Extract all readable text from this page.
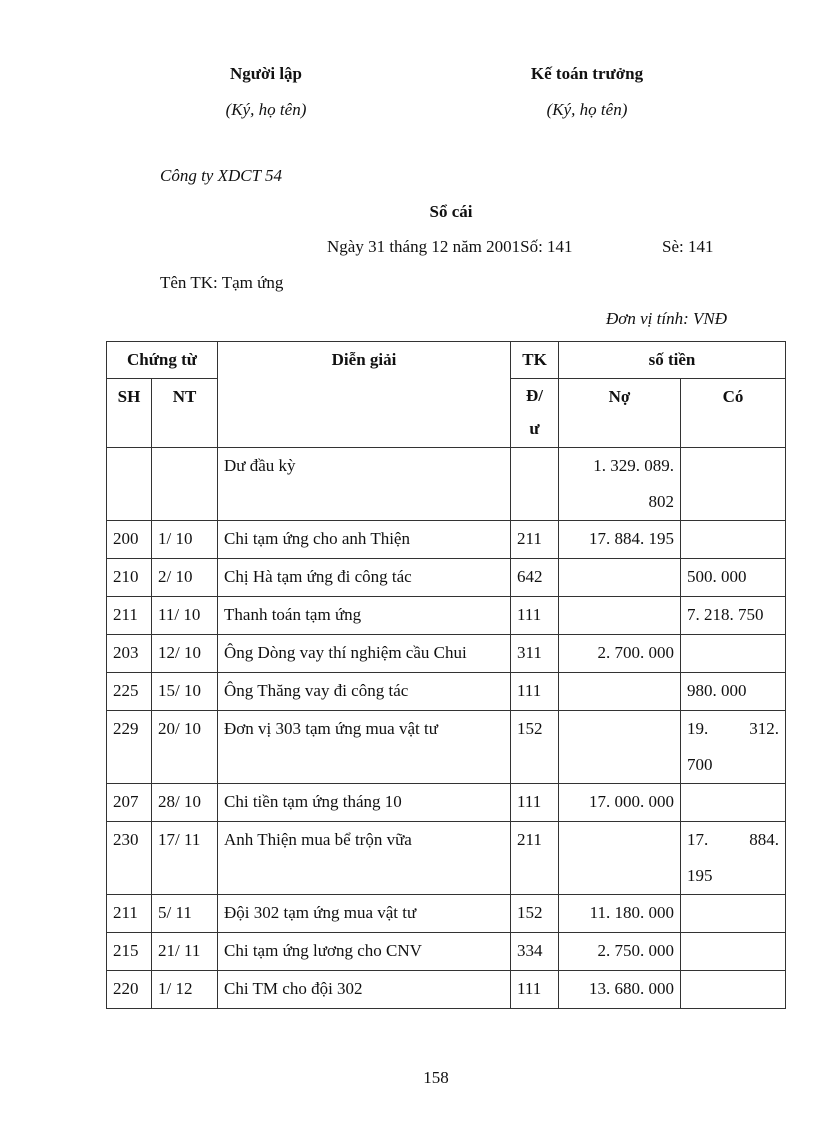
Người lập
(Ký, họ tên)
Kế toán trưởng
(Ký, họ tên)
Công ty XDCT 54
Sổ cái
Ngày 31 tháng 12 năm 2001Số: 141	Sè: 141
Tên TK: Tạm ứng
Đơn vị tính: VNĐ
Chứng từ		Diễn giải	TK	số tiền	
SH	NT		Đ/
ư	Nợ	Có
		Dư đầu kỳ		1. 329. 089.
802	

200	1/ 10	Chi tạm ứng cho anh Thiện	211	17. 884. 195	
210	2/ 10	Chị Hà tạm ứng đi công tác	642		500. 000
211	11/ 10	Thanh toán tạm ứng	111		7. 218. 750
203	12/ 10	Ông Dòng vay thí nghiệm cầu Chui	311	2. 700. 000	
225	15/ 10	Ông Thăng vay đi công tác	111		980. 000
229	20/ 10	Đơn vị 303 tạm ứng mua vật tư	152		19. 312.
700

207	28/ 10	Chi tiền tạm ứng tháng 10	111	17. 000. 000	
230	17/ 11	Anh Thiện mua bể trộn vữa	211		17. 884.
195

211	5/ 11	Đội 302 tạm ứng mua vật tư	152	11. 180. 000	
215	21/ 11	Chi tạm ứng lương cho CNV	334	2. 750. 000	
220	1/ 12	Chi TM cho đội 302	111	13. 680. 000	
158
